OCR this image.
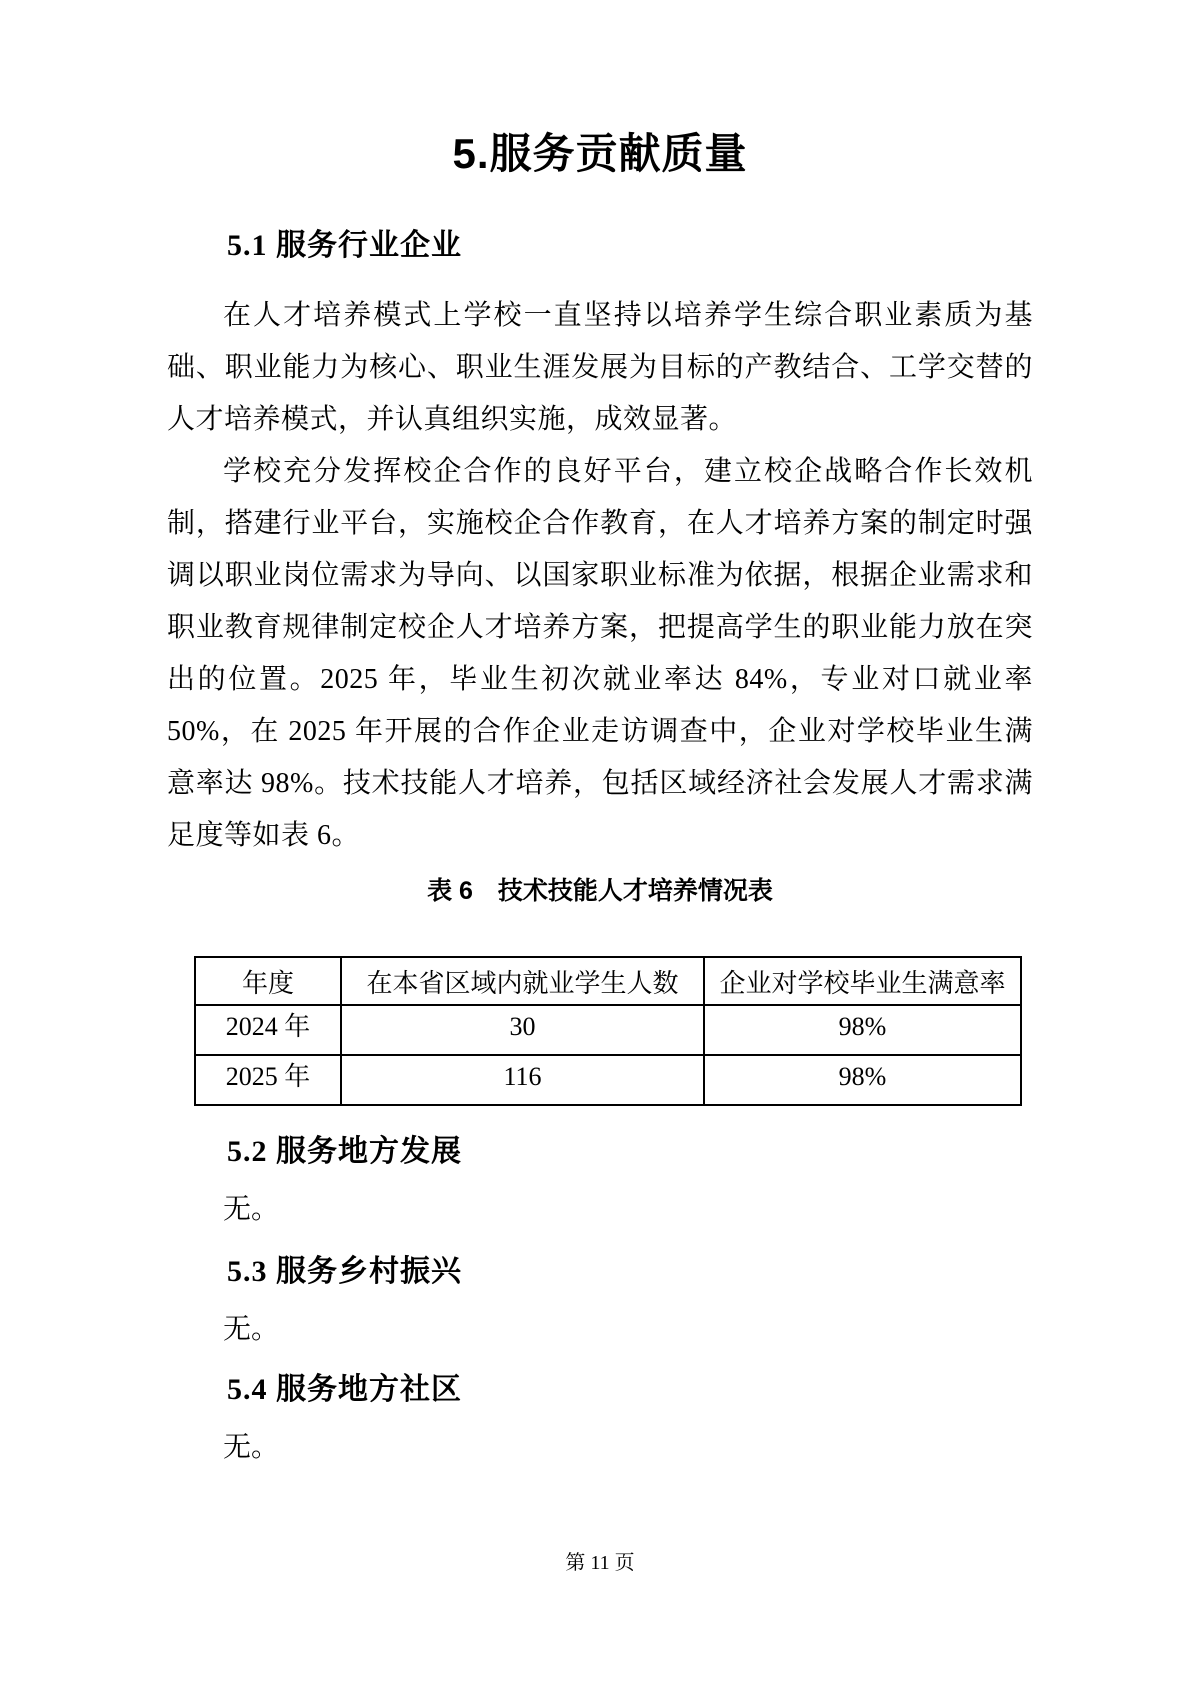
5.服务贡献质量
5.1 服务行业企业

在人才培养模式上学校一直坚持以培养学生综合职业素质为基础、职业能力为核心、职业生涯发展为目标的产教结合、工学交替的人才培养模式，并认真组织实施，成效显著。

学校充分发挥校企合作的良好平台，建立校企战略合作长效机制，搭建行业平台，实施校企合作教育，在人才培养方案的制定时强调以职业岗位需求为导向、以国家职业标准为依据，根据企业需求和职业教育规律制定校企人才培养方案，把提高学生的职业能力放在突出的位置。2025 年，毕业生初次就业率达 84%，专业对口就业率 50%，在 2025 年开展的合作企业走访调查中，企业对学校毕业生满意率达 98%。技术技能人才培养，包括区域经济社会发展人才需求满足度等如表 6。

表 6　技术技能人才培养情况表
年度	在本省区域内就业学生人数	企业对学校毕业生满意率
2024 年	30	98%
2025 年	116	98%
5.2 服务地方发展

无。

5.3 服务乡村振兴

无。

5.4 服务地方社区

无。

第 11 页
